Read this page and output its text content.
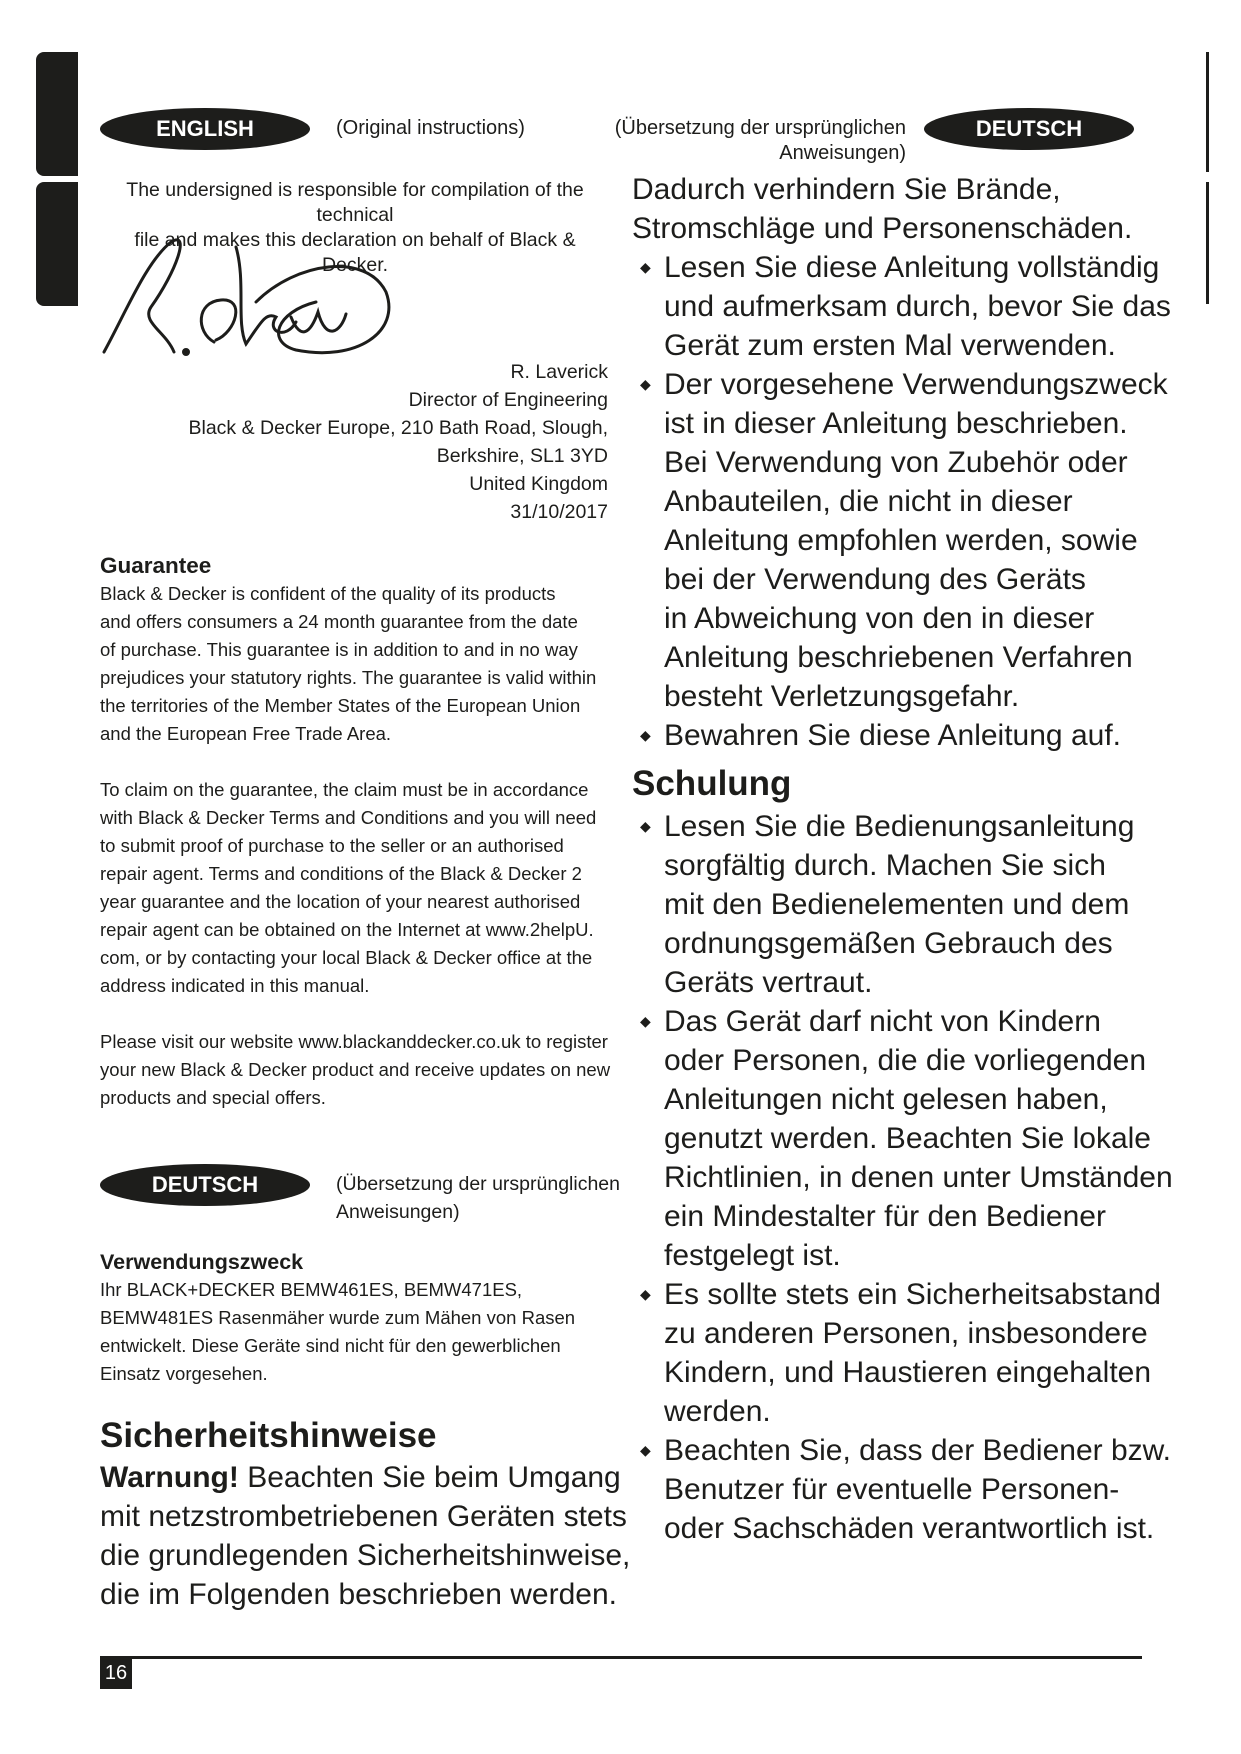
ENGLISH	(Original instructions)	(Übersetzung der ursprünglichen
Anweisungen)
DEUTSCH
The undersigned is responsible for compilation of the technical
file and makes this declaration on behalf of Black & Decker.
R. Laverick
Director of Engineering
Black & Decker Europe, 210 Bath Road, Slough,
Berkshire, SL1 3YD
United Kingdom
31/10/2017
Guarantee
Black & Decker is confident of the quality of its products
and offers consumers a 24 month guarantee from the date
of purchase. This guarantee is in addition to and in no way
prejudices your statutory rights. The guarantee is valid within
the territories of the Member States of the European Union
and the European Free Trade Area.
To claim on the guarantee, the claim must be in accordance
with Black & Decker Terms and Conditions and you will need
to submit proof of purchase to the seller or an authorised
repair agent. Terms and conditions of the Black & Decker 2
year guarantee and the location of your nearest authorised
repair agent can be obtained on the Internet at www.2helpU.
com, or by contacting your local Black & Decker office at the
address indicated in this manual.
Please visit our website www.blackanddecker.co.uk to register
your new Black & Decker product and receive updates on new
products and special offers.
DEUTSCH	(Übersetzung der ursprünglichen
Anweisungen)
Verwendungszweck
Ihr BLACK+DECKER BEMW461ES, BEMW471ES,
BEMW481ES Rasenmäher wurde zum Mähen von Rasen
entwickelt. Diese Geräte sind nicht für den gewerblichen
Einsatz vorgesehen.
Sicherheitshinweise
Warnung! Beachten Sie beim Umgang
mit netzstrombetriebenen Geräten stets
die grundlegenden Sicherheitshinweise,
die im Folgenden beschrieben werden.
Dadurch verhindern Sie Brände,
Stromschläge und Personenschäden.
◆ Lesen Sie diese Anleitung vollständig
und aufmerksam durch, bevor Sie das
Gerät zum ersten Mal verwenden.
◆ Der vorgesehene Verwendungszweck
ist in dieser Anleitung beschrieben.
Bei Verwendung von Zubehör oder
Anbauteilen, die nicht in dieser
Anleitung empfohlen werden, sowie
bei der Verwendung des Geräts
in Abweichung von den in dieser
Anleitung beschriebenen Verfahren
besteht Verletzungsgefahr.
◆ Bewahren Sie diese Anleitung auf.
Schulung
◆ Lesen Sie die Bedienungsanleitung
sorgfältig durch. Machen Sie sich
mit den Bedienelementen und dem
ordnungsgemäßen Gebrauch des
Geräts vertraut.
◆ Das Gerät darf nicht von Kindern
oder Personen, die die vorliegenden
Anleitungen nicht gelesen haben,
genutzt werden. Beachten Sie lokale
Richtlinien, in denen unter Umständen
ein Mindestalter für den Bediener
festgelegt ist.
◆ Es sollte stets ein Sicherheitsabstand
zu anderen Personen, insbesondere
Kindern, und Haustieren eingehalten
werden.
◆ Beachten Sie, dass der Bediener bzw.
Benutzer für eventuelle Personen-
oder Sachschäden verantwortlich ist.
16
